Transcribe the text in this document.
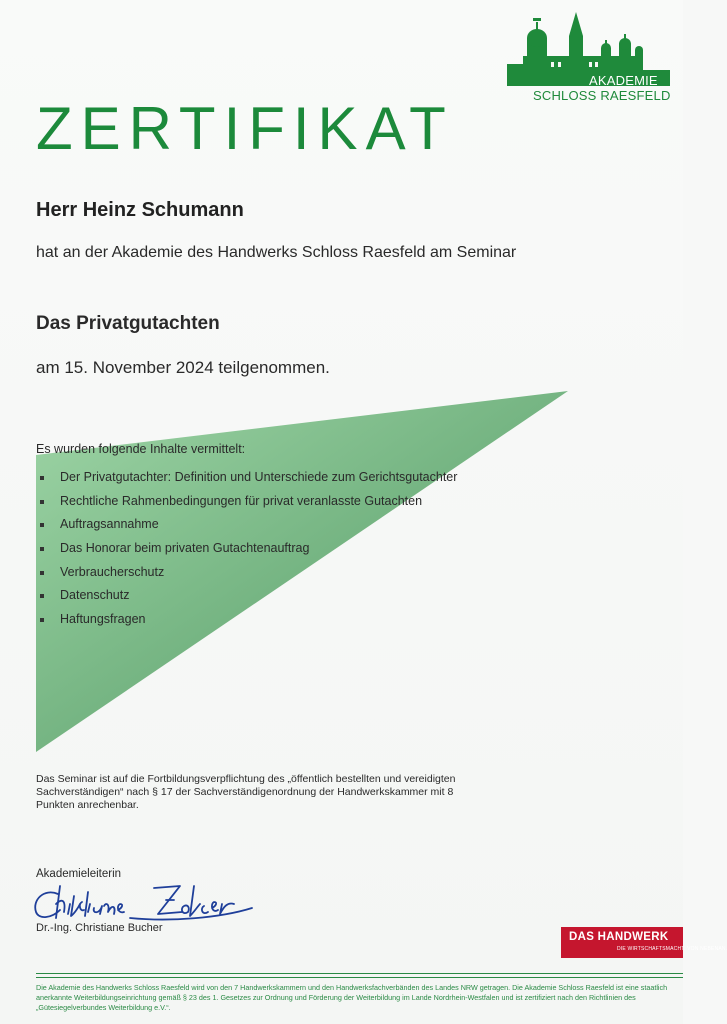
AKADEMIE
SCHLOSS RAESFELD
ZERTIFIKAT
Herr Heinz Schumann
hat an der Akademie des Handwerks Schloss Raesfeld am Seminar
Das Privatgutachten
am 15. November 2024 teilgenommen.
Es wurden folgende Inhalte vermittelt:
Der Privatgutachter: Definition und Unterschiede zum Gerichtsgutachter
Rechtliche Rahmenbedingungen für privat veranlasste Gutachten
Auftragsannahme
Das Honorar beim privaten Gutachtenauftrag
Verbraucherschutz
Datenschutz
Haftungsfragen
Das Seminar ist auf die Fortbildungsverpflichtung des „öffentlich bestellten und vereidigten Sachverständigen“ nach § 17 der Sachverständigenordnung der Handwerkskammer mit 8 Punkten anrechenbar.
Akademieleiterin
Dr.-Ing. Christiane Bucher
DAS HANDWERK
DIE WIRTSCHAFTSMACHT. VON NEBENAN.
Die Akademie des Handwerks Schloss Raesfeld wird von den 7 Handwerkskammern und den Handwerksfachverbänden des Landes NRW getragen. Die Akademie Schloss Raesfeld ist eine staatlich anerkannte Weiterbildungseinrichtung gemäß § 23 des 1. Gesetzes zur Ordnung und Förderung der Weiterbildung im Lande Nordrhein-Westfalen und ist zertifiziert nach den Richtlinien des „Gütesiegelverbundes Weiterbildung e.V.“.
